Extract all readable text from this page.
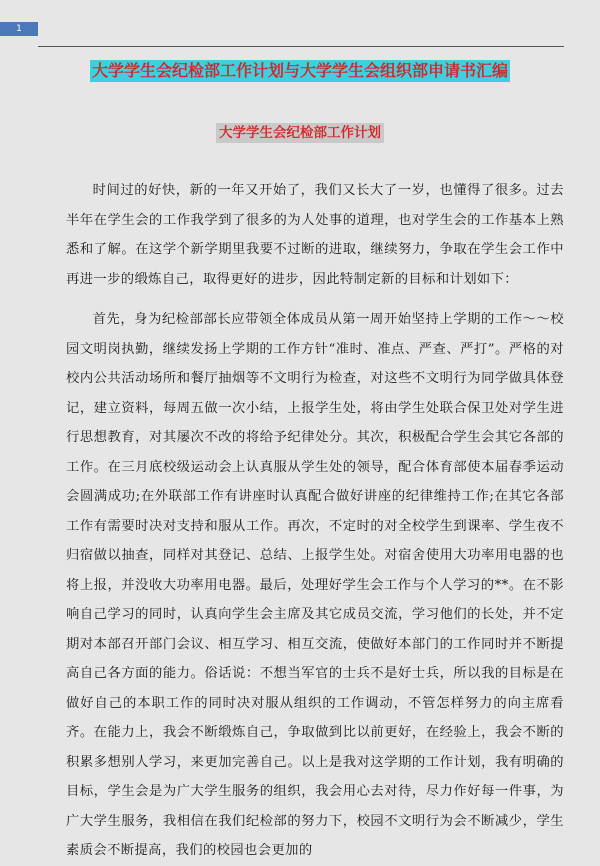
1
大学学生会纪检部工作计划与大学学生会组织部申请书汇编
大学学生会纪检部工作计划

时间过的好快，新的一年又开始了，我们又长大了一岁，也懂得了很多。过去半年在学生会的工作我学到了很多的为人处事的道理，也对学生会的工作基本上熟悉和了解。在这学个新学期里我要不过断的进取，继续努力，争取在学生会工作中再进一步的缎炼自己，取得更好的进步，因此特制定新的目标和计划如下：

首先，身为纪检部部长应带领全体成员从第一周开始坚持上学期的工作～～校园文明岗执勤，继续发扬上学期的工作方针“准时、准点、严查、严打”。严格的对校内公共活动场所和餐厅抽烟等不文明行为检查，对这些不文明行为同学做具体登记，建立资料，每周五做一次小结，上报学生处，将由学生处联合保卫处对学生进行思想教育，对其屡次不改的将给予纪律处分。其次，积极配合学生会其它各部的工作。在三月底校级运动会上认真服从学生处的领导，配合体育部使本届春季运动会圆满成功;在外联部工作有讲座时认真配合做好讲座的纪律维持工作;在其它各部工作有需要时决对支持和服从工作。再次，不定时的对全校学生到课率、学生夜不归宿做以抽查，同样对其登记、总结、上报学生处。对宿舍使用大功率用电器的也将上报，并没收大功率用电器。最后，处理好学生会工作与个人学习的**。在不影响自己学习的同时，认真向学生会主席及其它成员交流，学习他们的长处，并不定期对本部召开部门会议、相互学习、相互交流，使做好本部门的工作同时并不断提高自己各方面的能力。俗话说：不想当军官的士兵不是好士兵，所以我的目标是在做好自己的本职工作的同时决对服从组织的工作调动，不管怎样努力的向主席看齐。在能力上，我会不断缎炼自己，争取做到比以前更好，在经验上，我会不断的积累多想别人学习，来更加完善自己。以上是我对这学期的工作计划，我有明确的目标，学生会是为广大学生服务的组织，我会用心去对待，尽力作好每一件事，为广大学生服务，我相信在我们纪检部的努力下，校园不文明行为会不断减少，学生素质会不断提高，我们的校园也会更加的
